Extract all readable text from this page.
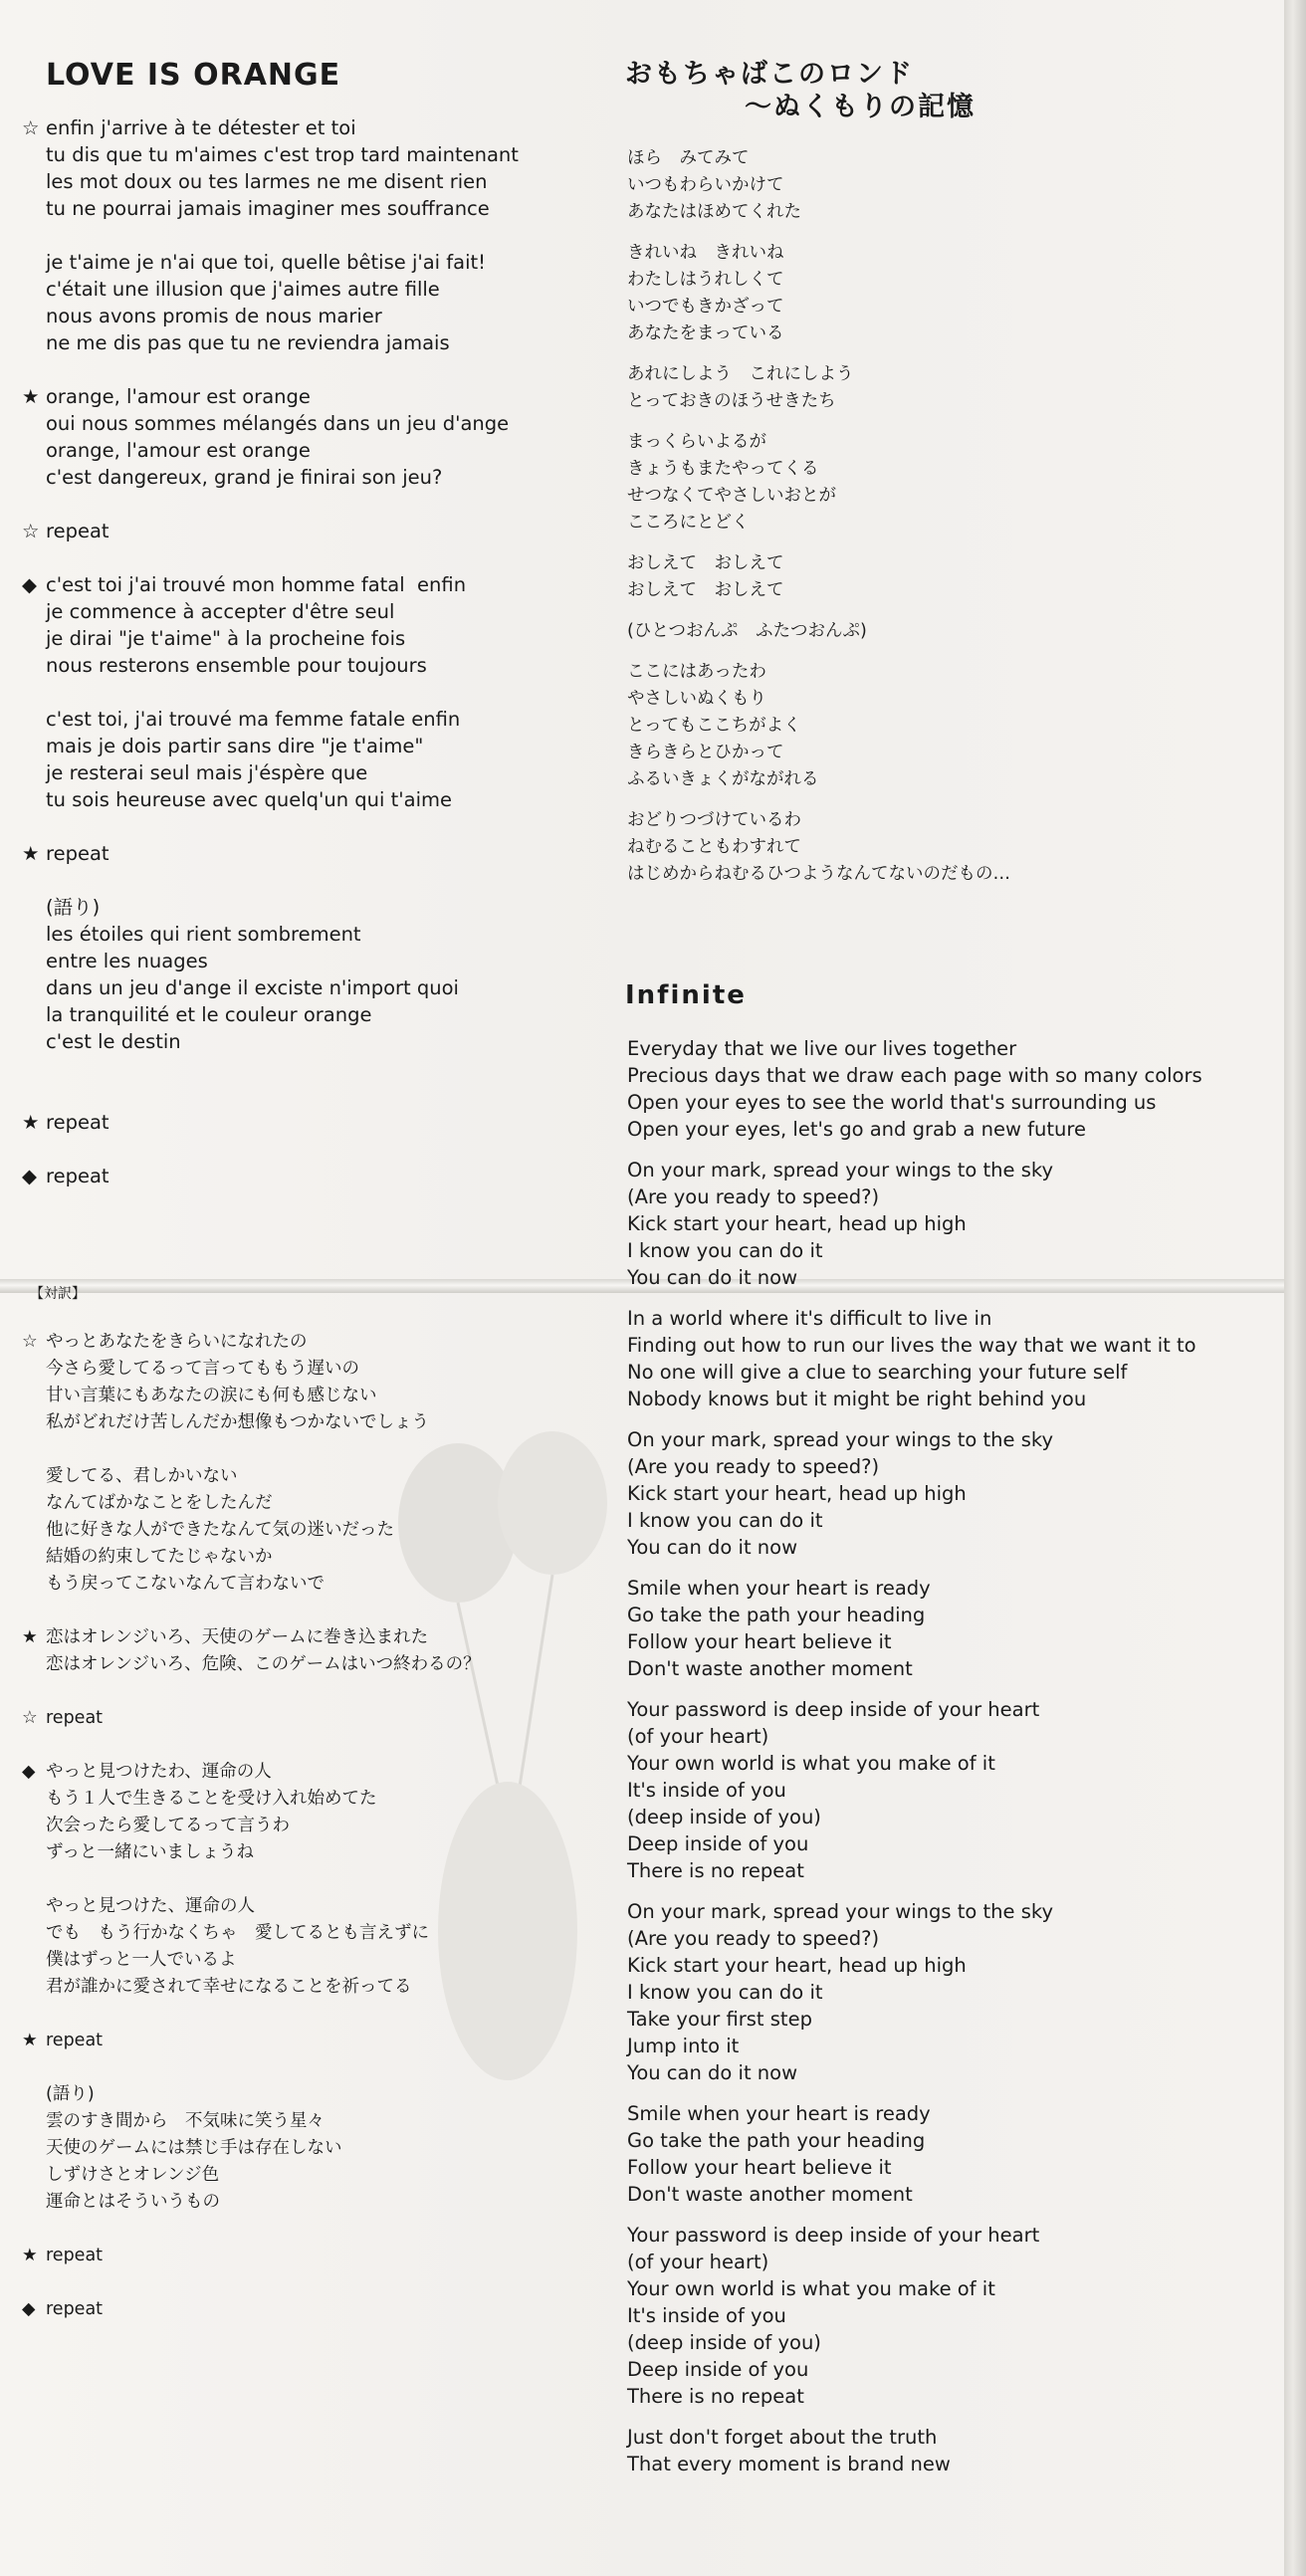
LOVE IS ORANGE
☆ enfin j'arrive à te détester et toi
tu dis que tu m'aimes c'est trop tard maintenant
les mot doux ou tes larmes ne me disent rien
tu ne pourrai jamais imaginer mes souffrance
je t'aime je n'ai que toi, quelle bêtise j'ai fait!
c'était une illusion que j'aimes autre fille
nous avons promis de nous marier
ne me dis pas que tu ne reviendra jamais
★ orange, l'amour est orange
oui nous sommes mélangés dans un jeu d'ange
orange, l'amour est orange
c'est dangereux, grand je finirai son jeu?
☆ repeat
◆ c'est toi j'ai trouvé mon homme fatal  enfin
je commence à accepter d'être seul
je dirai "je t'aime" à la procheine fois
nous resterons ensemble pour toujours
c'est toi, j'ai trouvé ma femme fatale enfin
mais je dois partir sans dire "je t'aime"
je resterai seul mais j'éspère que
tu sois heureuse avec quelq'un qui t'aime
★ repeat
(語り)
les étoiles qui rient sombrement
entre les nuages
dans un jeu d'ange il exciste n'import quoi
la tranquilité et le couleur orange
c'est le destin
★ repeat
◆ repeat
おもちゃばこのロンド
〜ぬくもりの記憶
ほら　みてみて
いつもわらいかけて
あなたはほめてくれた
きれいね　きれいね
わたしはうれしくて
いつでもきかざって
あなたをまっている
あれにしよう　これにしよう
とっておきのほうせきたち
まっくらいよるが
きょうもまたやってくる
せつなくてやさしいおとが
こころにとどく
おしえて　おしえて
おしえて　おしえて
(ひとつおんぷ　ふたつおんぷ)
ここにはあったわ
やさしいぬくもり
とってもここちがよく
きらきらとひかって
ふるいきょくがながれる
おどりつづけているわ
ねむることもわすれて
はじめからねむるひつようなんてないのだもの…
Infinite
Everyday that we live our lives together
Precious days that we draw each page with so many colors
Open your eyes to see the world that's surrounding us
Open your eyes, let's go and grab a new future
On your mark, spread your wings to the sky
(Are you ready to speed?)
Kick start your heart, head up high
I know you can do it
You can do it now
In a world where it's difficult to live in
Finding out how to run our lives the way that we want it to
No one will give a clue to searching your future self
Nobody knows but it might be right behind you
On your mark, spread your wings to the sky
(Are you ready to speed?)
Kick start your heart, head up high
I know you can do it
You can do it now
Smile when your heart is ready
Go take the path your heading
Follow your heart believe it
Don't waste another moment
Your password is deep inside of your heart
(of your heart)
Your own world is what you make of it
It's inside of you
(deep inside of you)
Deep inside of you
There is no repeat
On your mark, spread your wings to the sky
(Are you ready to speed?)
Kick start your heart, head up high
I know you can do it
Take your first step
Jump into it
You can do it now
Smile when your heart is ready
Go take the path your heading
Follow your heart believe it
Don't waste another moment
Your password is deep inside of your heart
(of your heart)
Your own world is what you make of it
It's inside of you
(deep inside of you)
Deep inside of you
There is no repeat
Just don't forget about the truth
That every moment is brand new
【対訳】
☆ やっとあなたをきらいになれたの
今さら愛してるって言ってももう遅いの
甘い言葉にもあなたの涙にも何も感じない
私がどれだけ苦しんだか想像もつかないでしょう
愛してる、君しかいない
なんてばかなことをしたんだ
他に好きな人ができたなんて気の迷いだった
結婚の約束してたじゃないか
もう戻ってこないなんて言わないで
★ 恋はオレンジいろ、天使のゲームに巻き込まれた
恋はオレンジいろ、危険、このゲームはいつ終わるの？
☆ repeat
◆ やっと見つけたわ、運命の人
もう１人で生きることを受け入れ始めてた
次会ったら愛してるって言うわ
ずっと一緒にいましょうね
やっと見つけた、運命の人
でも　もう行かなくちゃ　愛してるとも言えずに
僕はずっと一人でいるよ
君が誰かに愛されて幸せになることを祈ってる
★ repeat
(語り)
雲のすき間から　不気味に笑う星々
天使のゲームには禁じ手は存在しない
しずけさとオレンジ色
運命とはそういうもの
★ repeat
◆ repeat
